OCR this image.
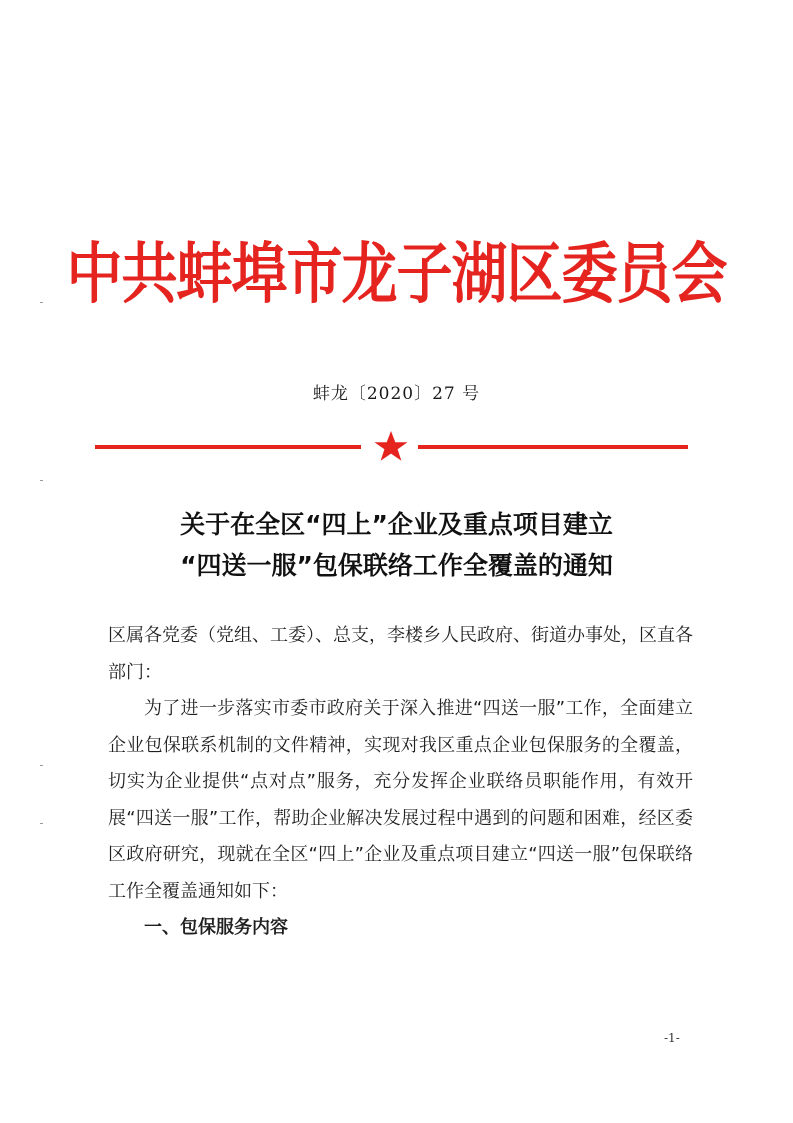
中共蚌埠市龙子湖区委员会
蚌龙〔2020〕27 号
关于在全区“四上”企业及重点项目建立
“四送一服”包保联络工作全覆盖的通知

区属各党委（党组、工委）、总支，李楼乡人民政府、街道办事处，区直各部门：

为了进一步落实市委市政府关于深入推进“四送一服”工作，全面建立企业包保联系机制的文件精神，实现对我区重点企业包保服务的全覆盖，切实为企业提供“点对点”服务，充分发挥企业联络员职能作用，有效开展“四送一服”工作，帮助企业解决发展过程中遇到的问题和困难，经区委区政府研究，现就在全区“四上”企业及重点项目建立“四送一服”包保联络工作全覆盖通知如下：

一、包保服务内容

-1-
